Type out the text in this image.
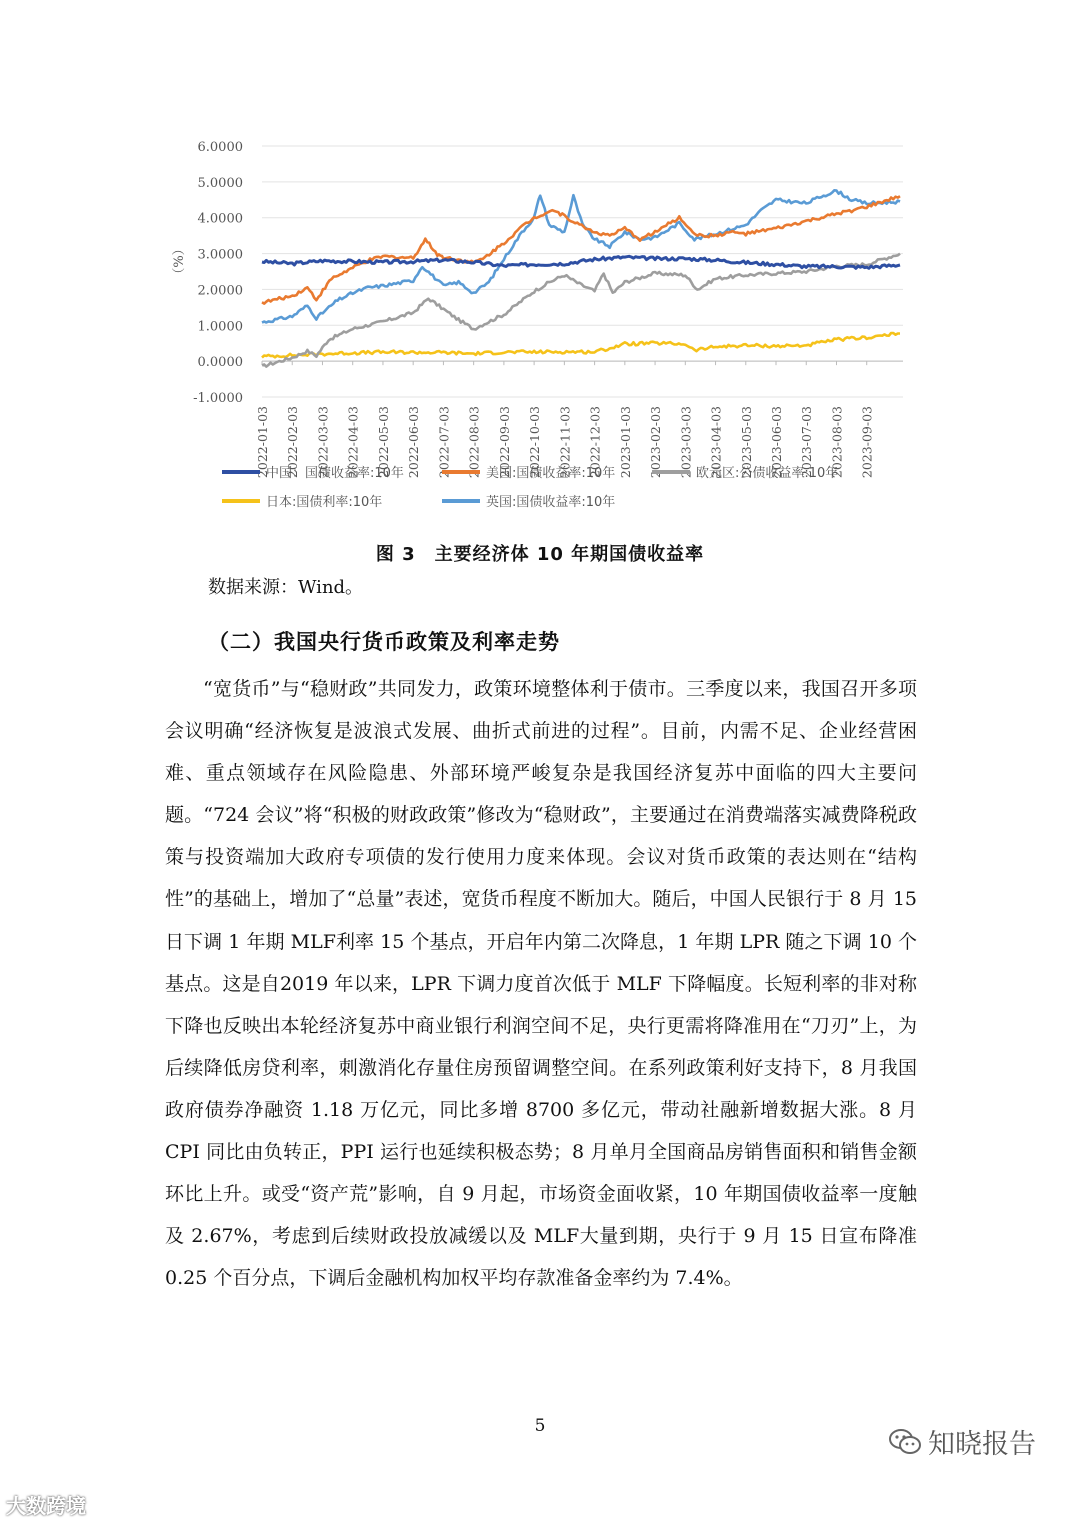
-1.0000
0.0000
1.0000
2.0000
3.0000
4.0000
5.0000
6.0000
（%）
2022-01-03 2022-02-03 2022-03-03 2022-04-03 2022-05-03 2022-06-03 2022-07-03 2022-08-03 2022-09-03 2022-10-03 2022-11-03 2022-12-03 2023-01-03 2023-02-03 2023-03-03 2023-04-03 2023-05-03 2023-06-03 2023-07-03 2023-08-03 2023-09-03
中国：国债收益率:10年	美国:国债收益率:10年	欧元区:公债收益率:10年
日本:国债利率:10年	英国:国债收益率:10年
图 3　主要经济体 10 年期国债收益率
数据来源：Wind。
（二）我国央行货币政策及利率走势

“宽货币”与“稳财政”共同发力，政策环境整体利于债市。三季度以来，我国召开多项会议明确“经济恢复是波浪式发展、曲折式前进的过程”。目前，内需不足、企业经营困难、重点领域存在风险隐患、外部环境严峻复杂是我国经济复苏中面临的四大主要问题。“724 会议”将“积极的财政政策”修改为“稳财政”，主要通过在消费端落实减费降税政策与投资端加大政府专项债的发行使用力度来体现。会议对货币政策的表达则在“结构性”的基础上，增加了“总量”表述，宽货币程度不断加大。随后，中国人民银行于 8 月 15 日下调 1 年期 MLF利率 15 个基点，开启年内第二次降息，1 年期 LPR 随之下调 10 个基点。这是自2019 年以来，LPR 下调力度首次低于 MLF 下降幅度。长短利率的非对称下降也反映出本轮经济复苏中商业银行利润空间不足，央行更需将降准用在“刀刃”上，为后续降低房贷利率，刺激消化存量住房预留调整空间。在系列政策利好支持下，8 月我国政府债券净融资 1.18 万亿元，同比多增 8700 多亿元，带动社融新增数据大涨。8 月 CPI 同比由负转正，PPI 运行也延续积极态势；8 月单月全国商品房销售面积和销售金额环比上升。或受“资产荒”影响，自 9 月起，市场资金面收紧，10 年期国债收益率一度触及 2.67%，考虑到后续财政投放减缓以及 MLF大量到期，央行于 9 月 15 日宣布降准 0.25 个百分点，下调后金融机构加权平均存款准备金率约为 7.4%。

5
大数跨境
知晓报告
